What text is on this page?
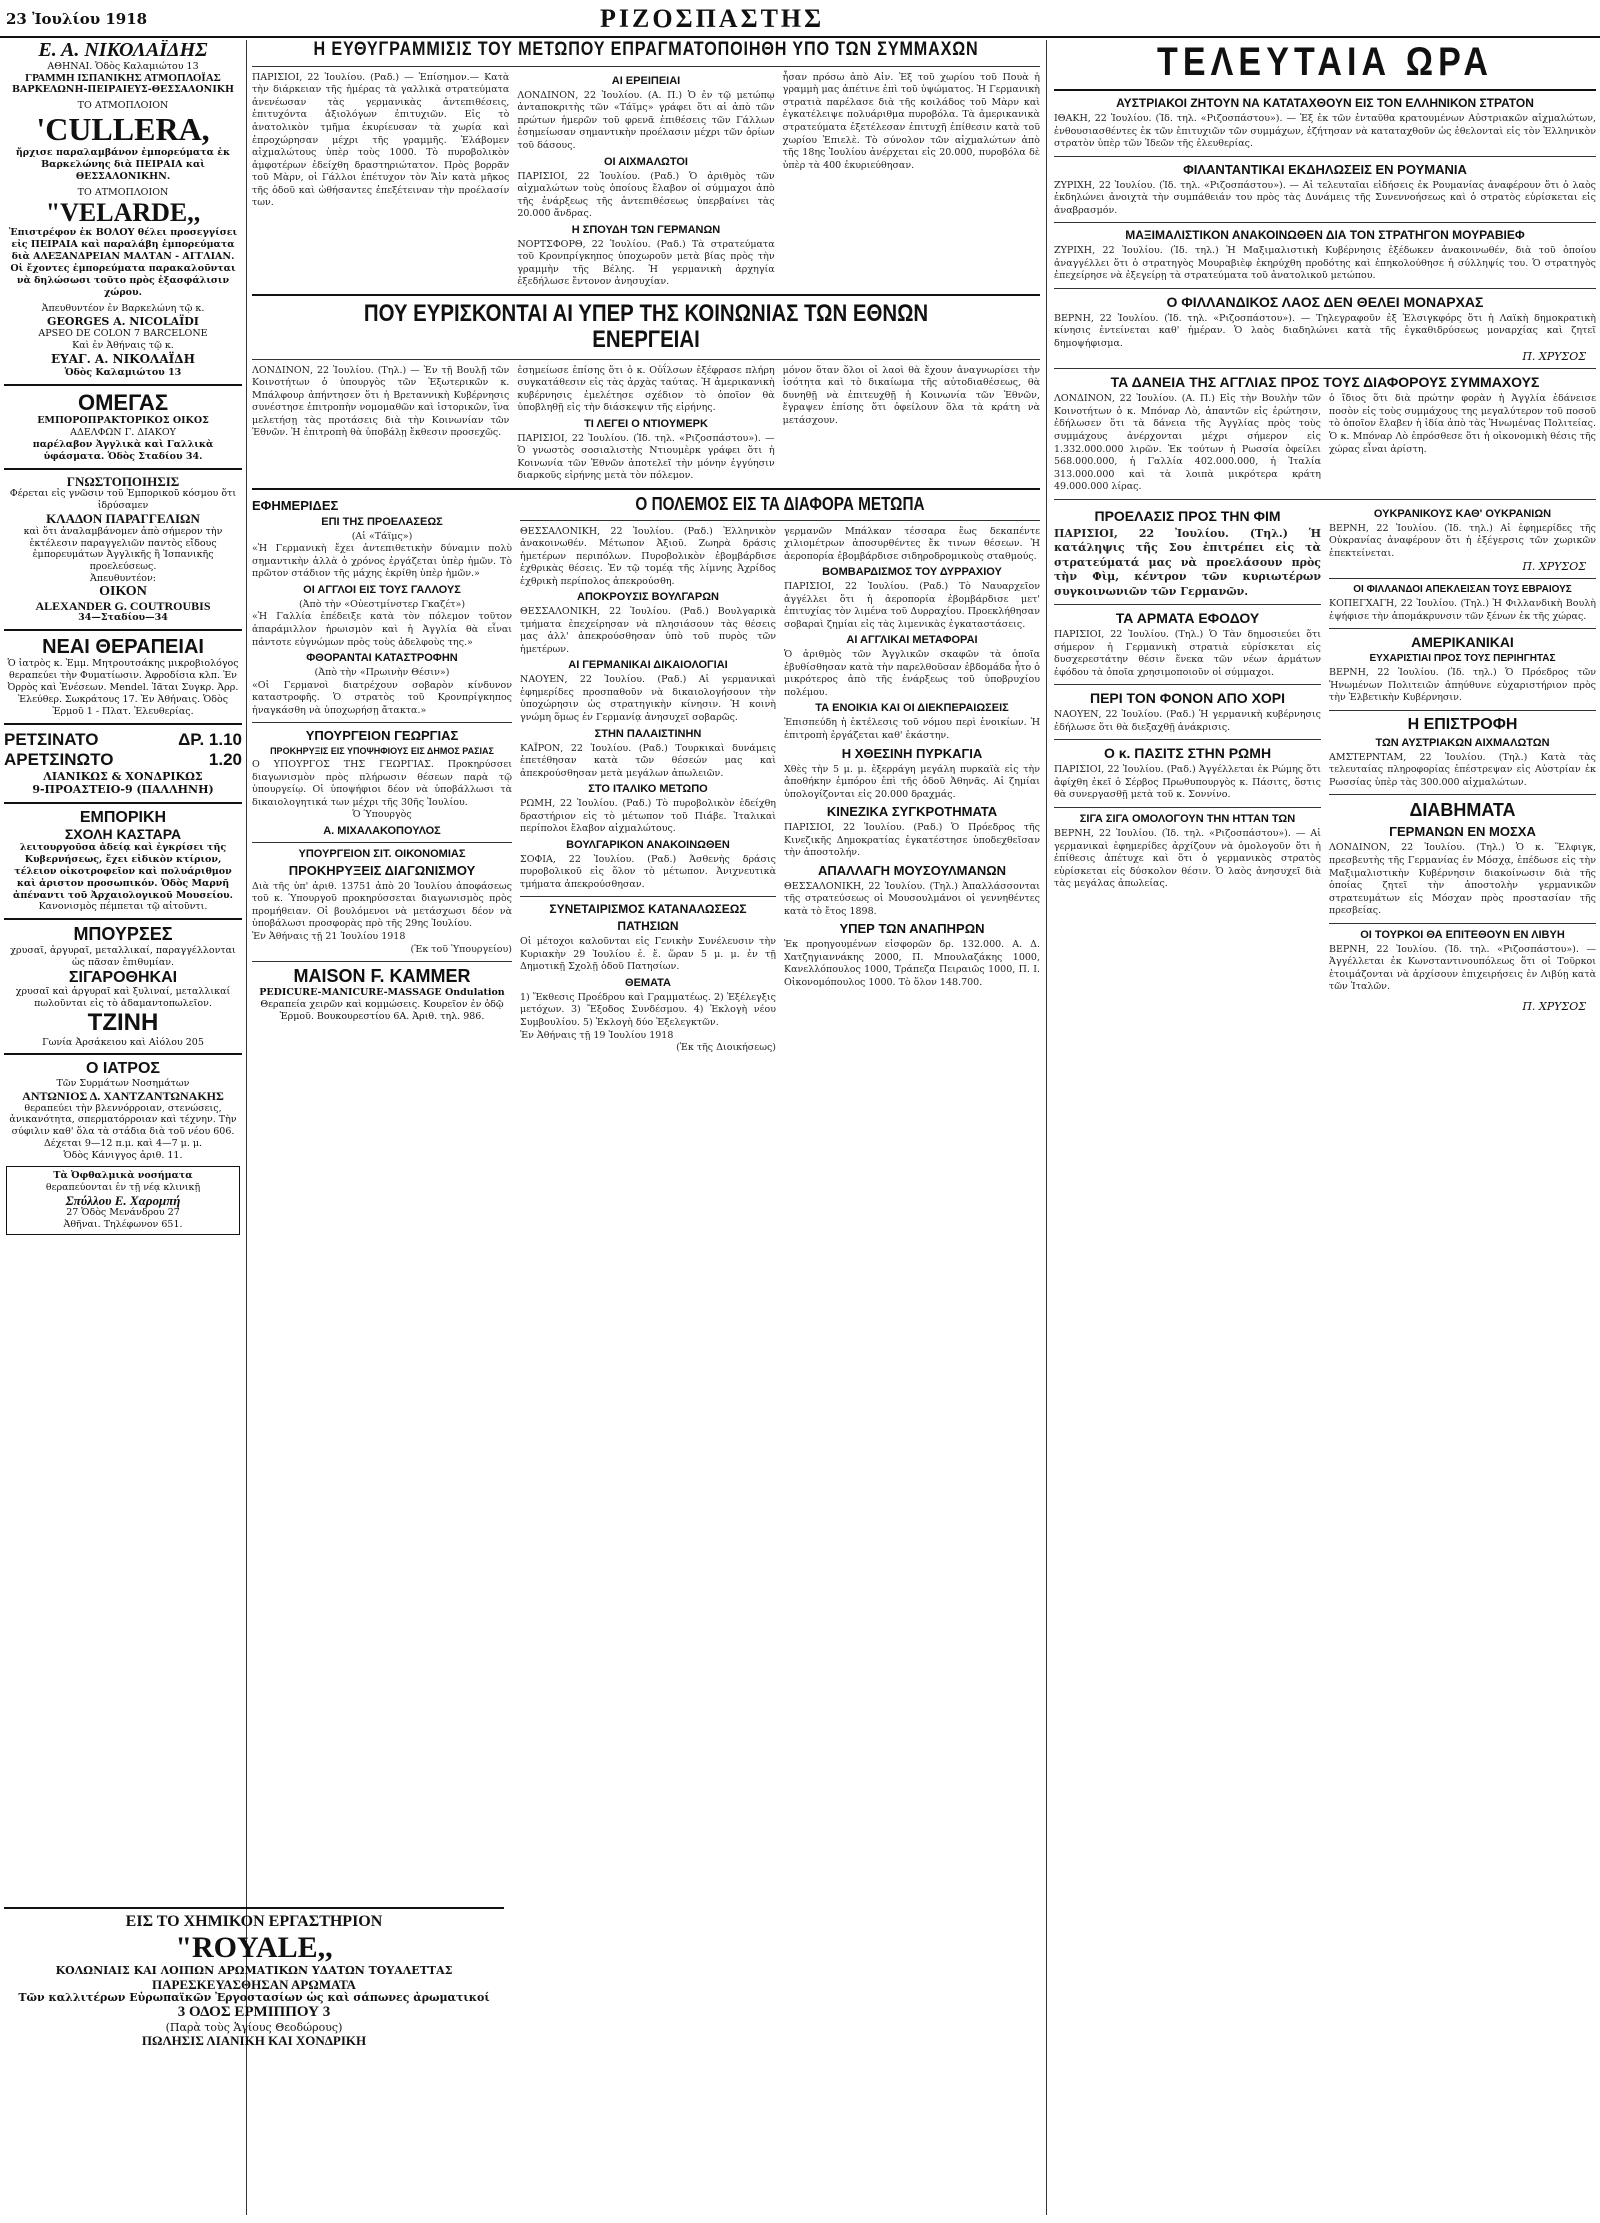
23 Ἰουλίου 1918	ΡΙΖΟΣΠΑΣΤΗΣ
Ε. Α. ΝΙΚΟΛΑΪΔΗΣ
ΑΘΗΝΑΙ. Ὁδὸς Καλαμιώτου 13
ΓΡΑΜΜΗ ΙΣΠΑΝΙΚΗΣ ΑΤΜΟΠΛΟΪΑΣ
ΒΑΡΚΕΛΩΝΗ-ΠΕΙΡΑΙΕΥΣ-ΘΕΣΣΑΛΟΝΙΚΗ
ΤΟ ΑΤΜΟΠΛΟΙΟΝ
'CULLERA,
ἤρχισε παραλαμβάνον ἐμπορεύματα ἐκ Βαρκελώνης διὰ ΠΕΙΡΑΙΑ καὶ ΘΕΣΣΑΛΟΝΙΚΗΝ.
ΤΟ ΑΤΜΟΠΛΟΙΟΝ
"VELARDE,,
Ἐπιστρέφον ἐκ ΒΟΛΟΥ θέλει προσεγγίσει εἰς ΠΕΙΡΑΙΑ καὶ παραλάβη ἐμπορεύματα διὰ ΑΛΕΞΑΝΔΡΕΙΑΝ ΜΑΛΤΑΝ - ΑΓΓΛΙΑΝ. Οἱ ἔχοντες ἐμπορεύματα παρακαλοῦνται νὰ δηλώσωσι τοῦτο πρὸς ἐξασφάλισιν χώρου.
Ἀπευθυντέον ἐν Βαρκελώνη τῷ κ.
GEORGES A. NICOLAÏDI
APSEO DE COLON 7 BARCELONE
Καὶ ἐν Ἀθήναις τῷ κ.
ΕΥΑΓ. Α. ΝΙΚΟΛΑΪΔΗ
Ὁδὸς Καλαμιώτου 13
ΟΜΕΓΑΣ
ΕΜΠΟΡΟΠΡΑΚΤΟΡΙΚΟΣ ΟΙΚΟΣ
ΑΔΕΛΦΩΝ Γ. ΔΙΑΚΟΥ
παρέλαβον Ἀγγλικὰ καὶ Γαλλικὰ ὑφάσματα. Ὁδὸς Σταδίου 34.
ΓΝΩΣΤΟΠΟΙΗΣΙΣ
Φέρεται εἰς γνῶσιν τοῦ Ἐμπορικοῦ κόσμου ὅτι ἱδρύσαμεν
ΚΛΑΔΟΝ ΠΑΡΑΓΓΕΛΙΩΝ
καὶ ὅτι ἀναλαμβάνομεν ἀπὸ σήμερον τὴν ἐκτέλεσιν παραγγελιῶν παντὸς εἴδους ἐμπορευμάτων Ἀγγλικῆς ἢ Ἰσπανικῆς προελεύσεως.
Ἀπευθυντέον:
ΟΙΚΟΝ
ALEXANDER G. COUTROUBIS
34—Σταδίου—34
ΝΕΑΙ ΘΕΡΑΠΕΙΑΙ
Ὁ ἰατρὸς κ. Ἐμμ. Μητρουτσάκης μικροβιολόγος θεραπεύει τὴν Φυματίωσιν. Ἀφροδίσια κλπ. Ἐν Ὀρρὸς καὶ Ἐνέσεων. Mendel. Ἰᾶται Συγκρ. Ἀρρ. Ἐλεύθερ. Σωκράτους 17. Ἐν Ἀθήναις. Ὁδὸς Ἐρμοῦ 1 - Πλατ. Ἐλευθερίας.
ΡΕΤΣΙΝΑΤΟ	ΔΡ. 1.10
ΑΡΕΤΣΙΝΩΤΟ	1.20
ΛΙΑΝΙΚΩΣ & ΧΟΝΔΡΙΚΩΣ
9-ΠΡΟΑΣΤΕΙΟ-9 (ΠΑΛΛΗΝΗ)
ΕΜΠΟΡΙΚΗ
ΣΧΟΛΗ ΚΑΣΤΑΡΑ
λειτουργοῦσα ἀδείᾳ καὶ ἐγκρίσει τῆς Κυβερνήσεως, ἔχει εἰδικὸν κτίριον, τέλειον οἰκοτροφεῖον καὶ πολυάριθμον καὶ ἀριστον προσωπικόν. Ὁδὸς Μαρνῆ ἀπέναντι τοῦ Ἀρχαιολογικοῦ Μουσείου.
Κανονισμὸς πέμπεται τῷ αἰτοῦντι.
ΜΠΟΥΡΣΕΣ
χρυσαῖ, ἀργυραῖ, μεταλλικαί, παραγγέλλονται ὡς πᾶσαν ἐπιθυμίαν.
ΣΙΓΑΡΟΘΗΚΑΙ
χρυσαῖ καὶ ἀργυραῖ καὶ ξυλιναί, μεταλλικαί πωλοῦνται εἰς τὸ ἀδαμαντοπωλεῖον.
ΤΖΙΝΗ
Γωνία Ἀρσάκειου καὶ Αἰόλου 205
Ο ΙΑΤΡΟΣ
Τῶν Συρμάτων Νοσημάτων
ΑΝΤΩΝΙΟΣ Δ. ΧΑΝΤΖΑΝΤΩΝΑΚΗΣ
θεραπεύει τὴν βλεννόρροιαν, στενώσεις, ἀνικανότητα, σπερματόρροιαν καὶ τέχνην. Τὴν σύφιλιν καθ' ὅλα τὰ στάδια διὰ τοῦ νέου 606.
Δέχεται 9—12 π.μ. καὶ 4—7 μ. μ.
Ὁδὸς Κάνιγγος ἀριθ. 11.
Τὰ Ὀφθαλμικὰ νοσήματα
θεραπεύονται ἐν τῇ νέᾳ κλινικῇ
Σπύλλου Ε. Χαρομπή
27 Ὁδὸς Μενάνδρου 27
Ἀθῆναι. Τηλέφωνον 651.
Η ΕΥΘΥΓΡΑΜΜΙΣΙΣ ΤΟΥ ΜΕΤΩΠΟΥ ΕΠΡΑΓΜΑΤΟΠΟΙΗΘΗ ΥΠΟ ΤΩΝ ΣΥΜΜΑΧΩΝ
ΠΑΡΙΣΙΟΙ, 22 Ἰουλίου. (Ραδ.) — Ἐπίσημον.— Κατὰ τὴν διάρκειαν τῆς ἡμέρας τὰ γαλλικὰ στρατεύματα ἀνενέωσαν τὰς γερμανικὰς ἀντεπιθέσεις, ἐπιτυχόντα ἀξιολόγων ἐπιτυχιῶν. Εἰς τὸ ἀνατολικὸν τμῆμα ἐκυρίευσαν τὰ χωρία καὶ ἐπροχώρησαν μέχρι τῆς γραμμῆς. Ἐλάβομεν αἰχμαλώτους ὑπὲρ τοὺς 1000. Τὸ πυροβολικὸν ἀμφοτέρων ἐδείχθη δραστηριώτατον. Πρὸς βορρᾶν τοῦ Μὰρν, οἱ Γάλλοι ἐπέτυχον τὸν Ἄἰν κατὰ μῆκος τῆς ὁδοῦ καὶ ὠθήσαντες ἐπεξέτειναν τὴν προέλασίν των.
ΑΙ ΕΡΕΙΠΕΙΑΙ
ΛΟΝΔΙΝΟΝ, 22 Ἰουλίου. (Α. Π.) Ὁ ἐν τῷ μετώπῳ ἀνταποκριτὴς τῶν «Τάϊμς» γράφει ὅτι αἱ ἀπὸ τῶν πρώτων ἡμερῶν τοῦ φρενᾶ ἐπιθέσεις τῶν Γάλλων ἐσημείωσαν σημαντικὴν προέλασιν μέχρι τῶν ὁρίων τοῦ δάσους.
ΟΙ ΑΙΧΜΑΛΩΤΟΙ
ΠΑΡΙΣΙΟΙ, 22 Ἰουλίου. (Ραδ.) Ὁ ἀριθμὸς τῶν αἰχμαλώτων τοὺς ὁποίους ἔλαβον οἱ σύμμαχοι ἀπὸ τῆς ἐνάρξεως τῆς ἀντεπιθέσεως ὑπερβαίνει τὰς 20.000 ἄνδρας.
Η ΣΠΟΥΔΗ ΤΩΝ ΓΕΡΜΑΝΩΝ
ΝΟΡΤΣΦΟΡΘ, 22 Ἰουλίου. (Ραδ.) Τὰ στρατεύματα τοῦ Κρονπρίγκηπος ὑποχωροῦν μετὰ βίας πρὸς τὴν γραμμὴν τῆς Βέλης. Ἡ γερμανικὴ ἀρχηγία ἐξεδήλωσε ἔντονον ἀνησυχίαν.
ἦσαν πρόσω ἀπὸ Αἰν. Ἐξ τοῦ χωρίου τοῦ Πουὰ ἡ γραμμὴ μας ἀπέτινε ἐπὶ τοῦ ὑψώματος. Ἡ Γερμανικὴ στρατιὰ παρέλασε διὰ τῆς κοιλάδος τοῦ Μὰρν καὶ ἐγκατέλειψε πολυάριθμα πυροβόλα. Τὰ ἀμερικανικὰ στρατεύματα ἐξετέλεσαν ἐπιτυχῆ ἐπίθεσιν κατὰ τοῦ χωρίου Ἐπιελὲ. Τὸ σύνολον τῶν αἰχμαλώτων ἀπὸ τῆς 18ης Ἰουλίου ἀνέρχεται εἰς 20.000, πυροβόλα δὲ ὑπὲρ τὰ 400 ἐκυριεύθησαν.
ΠΟΥ ΕΥΡΙΣΚΟΝΤΑΙ ΑΙ ΥΠΕΡ ΤΗΣ ΚΟΙΝΩΝΙΑΣ ΤΩΝ ΕΘΝΩΝ ΕΝΕΡΓΕΙΑΙ
ΛΟΝΔΙΝΟΝ, 22 Ἰουλίου. (Τηλ.) — Ἐν τῇ Βουλῇ τῶν Κοινοτήτων ὁ ὑπουργὸς τῶν Ἐξωτερικῶν κ. Μπάλφουρ ἀπήντησεν ὅτι ἡ Βρεταννικὴ Κυβέρνησις συνέστησε ἐπιτροπὴν νομομαθῶν καὶ ἱστορικῶν, ἵνα μελετήσῃ τὰς προτάσεις διὰ τὴν Κοινωνίαν τῶν Ἐθνῶν. Ἡ ἐπιτροπὴ θὰ ὑποβάλῃ ἔκθεσιν προσεχῶς.
ἐσημείωσε ἐπίσης ὅτι ὁ κ. Οὐΐλσων ἐξέφρασε πλήρη συγκατάθεσιν εἰς τὰς ἀρχὰς ταύτας. Ἡ ἀμερικανικὴ κυβέρνησις ἐμελέτησε σχέδιον τὸ ὁποῖον θὰ ὑποβληθῇ εἰς τὴν διάσκεψιν τῆς εἰρήνης.
ΤΙ ΛΕΓΕΙ Ο ΝΤΙΟΥΜΕΡΚ
ΠΑΡΙΣΙΟΙ, 22 Ἰουλίου. (Ἰδ. τηλ. «Ριζοσπάστου»). — Ὁ γνωστὸς σοσιαλιστὴς Ντιουμὲρκ γράφει ὅτι ἡ Κοινωνία τῶν Ἐθνῶν ἀποτελεῖ τὴν μόνην ἐγγύησιν διαρκοῦς εἰρήνης μετὰ τὸν πόλεμον.
μόνον ὅταν ὅλοι οἱ λαοὶ θὰ ἔχουν ἀναγνωρίσει τὴν ἰσότητα καὶ τὸ δικαίωμα τῆς αὐτοδιαθέσεως, θὰ δυνηθῇ νὰ ἐπιτευχθῇ ἡ Κοινωνία τῶν Ἐθνῶν, ἔγραψεν ἐπίσης ὅτι ὀφείλουν ὅλα τὰ κράτη νὰ μετάσχουν.
ΕΦΗΜΕΡΙΔΕΣ
ΕΠΙ ΤΗΣ ΠΡΟΕΛΑΣΕΩΣ
(Αἱ «Τάϊμς»)
«Ἡ Γερμανικὴ ἔχει ἀντεπιθετικὴν δύναμιν πολὺ σημαντικὴν ἀλλὰ ὁ χρόνος ἐργάζεται ὑπὲρ ἡμῶν. Τὸ πρῶτον στάδιον τῆς μάχης ἐκρίθη ὑπὲρ ἡμῶν.»
ΟΙ ΑΓΓΛΟΙ ΕΙΣ ΤΟΥΣ ΓΑΛΛΟΥΣ
(Ἀπὸ τὴν «Οὐεστμίνστερ Γκαζέτ»)
«Ἡ Γαλλία ἐπέδειξε κατὰ τὸν πόλεμον τοῦτον ἀπαράμιλλον ἡρωισμὸν καὶ ἡ Ἀγγλία θὰ εἶναι πάντοτε εὐγνώμων πρὸς τοὺς ἀδελφοὺς της.»
ΦΘΟΡΑΝΤΑΙ ΚΑΤΑΣΤΡΟΦΗΝ
(Ἀπὸ τὴν «Πρωινὴν Θέσιν»)
«Οἱ Γερμανοὶ διατρέχουν σοβαρὸν κίνδυνον καταστροφῆς. Ὁ στρατὸς τοῦ Κρονπρίγκηπος ἠναγκάσθη νὰ ὑποχωρήσῃ ἄτακτα.»
ΥΠΟΥΡΓΕΙΟΝ ΓΕΩΡΓΙΑΣ
ΠΡΟΚΗΡΥΞΙΣ ΕΙΣ ΥΠΟΨΗΦΙΟΥΣ ΕΙΣ ΔΗΜΟΣ ΡΑΣΙΑΣ
Ο ΥΠΟΥΡΓΟΣ ΤΗΣ ΓΕΩΡΓΙΑΣ. Προκηρύσσει διαγωνισμὸν πρὸς πλήρωσιν θέσεων παρὰ τῷ ὑπουργείῳ. Οἱ ὑποψήφιοι δέον νὰ ὑποβάλλωσι τὰ δικαιολογητικά των μέχρι τῆς 30ῆς Ἰουλίου.
Ὁ Ὑπουργὸς
Α. ΜΙΧΑΛΑΚΟΠΟΥΛΟΣ
ΥΠΟΥΡΓΕΙΟΝ ΣΙΤ. ΟΙΚΟΝΟΜΙΑΣ
ΠΡΟΚΗΡΥΞΕΙΣ ΔΙΑΓΩΝΙΣΜΟΥ
Διὰ τῆς ὑπ' ἀριθ. 13751 ἀπὸ 20 Ἰουλίου ἀποφάσεως τοῦ κ. Ὑπουργοῦ προκηρύσσεται διαγωνισμὸς πρὸς προμήθειαν. Οἱ βουλόμενοι νὰ μετάσχωσι δέον νὰ ὑποβάλωσι προσφορὰς πρὸ τῆς 29ης Ἰουλίου.
Ἐν Ἀθήναις τῇ 21 Ἰουλίου 1918
(Ἐκ τοῦ Ὑπουργείου)
MAISON F. KAMMER
PEDICURE-MANICURE-MASSAGE Ondulation
Θεραπεία χειρῶν καὶ κομμώσεις. Κουρεῖον ἐν ὁδῷ Ἑρμοῦ. Βουκουρεστίου 6Α. Ἀριθ. τηλ. 986.
Ο ΠΟΛΕΜΟΣ ΕΙΣ ΤΑ ΔΙΑΦΟΡΑ ΜΕΤΩΠΑ
ΘΕΣΣΑΛΟΝΙΚΗ, 22 Ἰουλίου. (Ραδ.) Ἐλληνικὸν ἀνακοινωθέν. Μέτωπον Ἀξιοῦ. Ζωηρὰ δράσις ἡμετέρων περιπόλων. Πυροβολικὸν ἐβομβάρδισε ἐχθρικὰς θέσεις. Ἐν τῷ τομέᾳ τῆς λίμνης Ἀχρίδος ἐχθρικὴ περίπολος ἀπεκρούσθη.
ΑΠΟΚΡΟΥΣΙΣ ΒΟΥΛΓΑΡΩΝ
ΘΕΣΣΑΛΟΝΙΚΗ, 22 Ἰουλίου. (Ραδ.) Βουλγαρικὰ τμήματα ἐπεχείρησαν νὰ πλησιάσουν τὰς θέσεις μας ἀλλ' ἀπεκρούσθησαν ὑπὸ τοῦ πυρὸς τῶν ἡμετέρων.
ΑΙ ΓΕΡΜΑΝΙΚΑΙ ΔΙΚΑΙΟΛΟΓΙΑΙ
ΝΑΟΥΕΝ, 22 Ἰουλίου. (Ραδ.) Αἱ γερμανικαὶ ἐφημερίδες προσπαθοῦν νὰ δικαιολογήσουν τὴν ὑποχώρησιν ὡς στρατηγικὴν κίνησιν. Ἡ κοινὴ γνώμη ὅμως ἐν Γερμανίᾳ ἀνησυχεῖ σοβαρῶς.
ΣΤΗΝ ΠΑΛΑΙΣΤΙΝΗΝ
ΚΑΪΡΟΝ, 22 Ἰουλίου. (Ραδ.) Τουρκικαὶ δυνάμεις ἐπετέθησαν κατὰ τῶν θέσεών μας καὶ ἀπεκρούσθησαν μετὰ μεγάλων ἀπωλειῶν.
ΣΤΟ ΙΤΑΛΙΚΟ ΜΕΤΩΠΟ
ΡΩΜΗ, 22 Ἰουλίου. (Ραδ.) Τὸ πυροβολικὸν ἐδείχθη δραστήριον εἰς τὸ μέτωπον τοῦ Πιάβε. Ἰταλικαὶ περίπολοι ἔλαβον αἰχμαλώτους.
ΒΟΥΛΓΑΡΙΚΟΝ ΑΝΑΚΟΙΝΩΘΕΝ
ΣΟΦΙΑ, 22 Ἰουλίου. (Ραδ.) Ἀσθενὴς δράσις πυροβολικοῦ εἰς ὅλον τὸ μέτωπον. Ἀνιχνευτικὰ τμήματα ἀπεκρούσθησαν.
ΣΥΝΕΤΑΙΡΙΣΜΟΣ ΚΑΤΑΝΑΛΩΣΕΩΣ
ΠΑΤΗΣΙΩΝ
Οἱ μέτοχοι καλοῦνται εἰς Γενικὴν Συνέλευσιν τὴν Κυριακὴν 29 Ἰουλίου ἐ. ἔ. ὥραν 5 μ. μ. ἐν τῇ Δημοτικῇ Σχολῇ ὁδοῦ Πατησίων.
ΘΕΜΑΤΑ
1) Ἔκθεσις Προέδρου καὶ Γραμματέως. 2) Ἐξέλεγξις μετόχων. 3) Ἔξοδος Συνδέσμου. 4) Ἐκλογὴ νέου Συμβουλίου. 5) Ἐκλογὴ δύο Ἐξελεγκτῶν.
Ἐν Ἀθήναις τῇ 19 Ἰουλίου 1918
(Ἐκ τῆς Διοικήσεως)
γερμανῶν Μπάλκαν τέσσαρα ἕως δεκαπέντε χιλιομέτρων ἀποσυρθέντες ἔκ τινων θέσεων. Ἡ ἀεροπορία ἐβομβάρδισε σιδηροδρομικοὺς σταθμούς.
ΒΟΜΒΑΡΔΙΣΜΟΣ ΤΟΥ ΔΥΡΡΑΧΙΟΥ
ΠΑΡΙΣΙΟΙ, 22 Ἰουλίου. (Ραδ.) Τὸ Ναυαρχεῖον ἀγγέλλει ὅτι ἡ ἀεροπορία ἐβομβάρδισε μετ' ἐπιτυχίας τὸν λιμένα τοῦ Δυρραχίου. Προεκλήθησαν σοβαραὶ ζημίαι εἰς τὰς λιμενικὰς ἐγκαταστάσεις.
ΑΙ ΑΓΓΛΙΚΑΙ ΜΕΤΑΦΟΡΑΙ
Ὁ ἀριθμὸς τῶν Ἀγγλικῶν σκαφῶν τὰ ὁποῖα ἐβυθίσθησαν κατὰ τὴν παρελθοῦσαν ἑβδομάδα ἦτο ὁ μικρότερος ἀπὸ τῆς ἐνάρξεως τοῦ ὑποβρυχίου πολέμου.
ΤΑ ΕΝΟΙΚΙΑ ΚΑΙ ΟΙ ΔΙΕΚΠΕΡΑΙΩΣΕΙΣ
Ἐπισπεύδη ἡ ἐκτέλεσις τοῦ νόμου περὶ ἐνοικίων. Ἡ ἐπιτροπὴ ἐργάζεται καθ' ἑκάστην.
Η ΧΘΕΣΙΝΗ ΠΥΡΚΑΓΙΑ
Χθὲς τὴν 5 μ. μ. ἐξερράγη μεγάλη πυρκαϊὰ εἰς τὴν ἀποθήκην ἐμπόρου ἐπὶ τῆς ὁδοῦ Ἀθηνᾶς. Αἱ ζημίαι ὑπολογίζονται εἰς 20.000 δραχμάς.
ΚΙΝΕΖΙΚΑ ΣΥΓΚΡΟΤΗΜΑΤΑ
ΠΑΡΙΣΙΟΙ, 22 Ἰουλίου. (Ραδ.) Ὁ Πρόεδρος τῆς Κινεζικῆς Δημοκρατίας ἐγκατέστησε ὑποδεχθεῖσαν τὴν ἀποστολήν.
ΑΠΑΛΛΑΓΗ ΜΟΥΣΟΥΛΜΑΝΩΝ
ΘΕΣΣΑΛΟΝΙΚΗ, 22 Ἰουλίου. (Τηλ.) Ἀπαλλάσσονται τῆς στρατεύσεως οἱ Μουσουλμάνοι οἱ γεννηθέντες κατὰ τὸ ἔτος 1898.
ΥΠΕΡ ΤΩΝ ΑΝΑΠΗΡΩΝ
Ἐκ προηγουμένων εἰσφορῶν δρ. 132.000. Α. Δ. Χατζηγιαννάκης 2000, Π. Μπουλαζάκης 1000, Κανελλόπουλος 1000, Τράπεζα Πειραιῶς 1000, Π. Ι. Οἰκονομόπουλος 1000. Τὸ ὅλον 148.700.
ΤΕΛΕΥΤΑΙΑ ΩΡΑ
ΑΥΣΤΡΙΑΚΟΙ ΖΗΤΟΥΝ ΝΑ ΚΑΤΑΤΑΧΘΟΥΝ ΕΙΣ ΤΟΝ ΕΛΛΗΝΙΚΟΝ ΣΤΡΑΤΟΝ
ΙΘΑΚΗ, 22 Ἰουλίου. (Ἰδ. τηλ. «Ριζοσπάστου»). — Ἐξ ἐκ τῶν ἐνταῦθα κρατουμένων Αὐστριακῶν αἰχμαλώτων, ἐνθουσιασθέντες ἐκ τῶν ἐπιτυχιῶν τῶν συμμάχων, ἐζήτησαν νὰ καταταχθοῦν ὡς ἐθελονταὶ εἰς τὸν Ἑλληνικὸν στρατὸν ὑπὲρ τῶν Ἰδεῶν τῆς ἐλευθερίας.
ΦΙΛΑΝΤΑΝΤΙΚΑΙ ΕΚΔΗΛΩΣΕΙΣ ΕΝ ΡΟΥΜΑΝΙΑ
ΖΥΡΙΧΗ, 22 Ἰουλίου. (Ἰδ. τηλ. «Ριζοσπάστου»). — Αἱ τελευταῖαι εἰδήσεις ἐκ Ρουμανίας ἀναφέρουν ὅτι ὁ λαὸς ἐκδηλώνει ἀνοιχτὰ τὴν συμπάθειάν του πρὸς τὰς Δυνάμεις τῆς Συνεννοήσεως καὶ ὁ στρατὸς εὑρίσκεται εἰς ἀναβρασμόν.
ΜΑΞΙΜΑΛΙΣΤΙΚΟΝ ΑΝΑΚΟΙΝΩΘΕΝ ΔΙΑ ΤΟΝ ΣΤΡΑΤΗΓΟΝ ΜΟΥΡΑΒΙΕΦ
ΖΥΡΙΧΗ, 22 Ἰουλίου. (Ἰδ. τηλ.) Ἡ Μαξιμαλιστικὴ Κυβέρνησις ἐξέδωκεν ἀνακοινωθέν, διὰ τοῦ ὁποίου ἀναγγέλλει ὅτι ὁ στρατηγὸς Μουραβιὲφ ἐκηρύχθη προδότης καὶ ἐπηκολούθησε ἡ σύλληψίς του. Ὁ στρατηγὸς ἐπεχείρησε νὰ ἐξεγείρῃ τὰ στρατεύματα τοῦ ἀνατολικοῦ μετώπου.
Ο ΦΙΛΛΑΝΔΙΚΟΣ ΛΑΟΣ ΔΕΝ ΘΕΛΕΙ ΜΟΝΑΡΧΑΣ
ΒΕΡΝΗ, 22 Ἰουλίου. (Ἰδ. τηλ. «Ριζοσπάστου»). — Τηλεγραφοῦν ἐξ Ἑλσιγκφόρς ὅτι ἡ Λαϊκὴ δημοκρατικὴ κίνησις ἐντείνεται καθ' ἡμέραν. Ὁ λαὸς διαδηλώνει κατὰ τῆς ἐγκαθιδρύσεως μοναρχίας καὶ ζητεῖ δημοψήφισμα.
Π. ΧΡΥΣΟΣ
ΤΑ ΔΑΝΕΙΑ ΤΗΣ ΑΓΓΛΙΑΣ ΠΡΟΣ ΤΟΥΣ ΔΙΑΦΟΡΟΥΣ ΣΥΜΜΑΧΟΥΣ
ΛΟΝΔΙΝΟΝ, 22 Ἰουλίου. (Α. Π.) Εἰς τὴν Βουλὴν τῶν Κοινοτήτων ὁ κ. Μπόναρ Λὸ, ἀπαντῶν εἰς ἐρώτησιν, ἐδήλωσεν ὅτι τὰ δάνεια τῆς Ἀγγλίας πρὸς τοὺς συμμάχους ἀνέρχονται μέχρι σήμερον εἰς 1.332.000.000 λιρῶν. Ἐκ τούτων ἡ Ρωσσία ὀφείλει 568.000.000, ἡ Γαλλία 402.000.000, ἡ Ἰταλία 313.000.000 καὶ τὰ λοιπὰ μικρότερα κράτη 49.000.000 λίρας.
ὁ ἴδιος ὅτι διὰ πρώτην φορὰν ἡ Ἀγγλία ἐδάνεισε ποσὸν εἰς τοὺς συμμάχους της μεγαλύτερον τοῦ ποσοῦ τὸ ὁποῖον ἔλαβεν ἡ ἰδία ἀπὸ τὰς Ἡνωμένας Πολιτείας. Ὁ κ. Μπόναρ Λὸ ἐπρόσθεσε ὅτι ἡ οἰκονομικὴ θέσις τῆς χώρας εἶναι ἀρίστη.
ΠΡΟΕΛΑΣΙΣ ΠΡΟΣ ΤΗΝ ΦΙΜ
ΠΑΡΙΣΙΟΙ, 22 Ἰουλίου. (Τηλ.) Ἡ κατάληψις τῆς Σου ἐπιτρέπει εἰς τὰ στρατεύματά μας νὰ προελάσουν πρὸς τὴν Φὶμ, κέντρον τῶν κυριωτέρων συγκοινωνιῶν τῶν Γερμανῶν.
ΤΑ ΑΡΜΑΤΑ ΕΦΟΔΟΥ
ΠΑΡΙΣΙΟΙ, 22 Ἰουλίου. (Τηλ.) Ὁ Τὰν δημοσιεύει ὅτι σήμερον ἡ Γερμανικὴ στρατιὰ εὑρίσκεται εἰς δυσχερεστάτην θέσιν ἕνεκα τῶν νέων ἁρμάτων ἐφόδου τὰ ὁποῖα χρησιμοποιοῦν οἱ σύμμαχοι.
ΠΕΡΙ ΤΟΝ ΦΟΝΟΝ ΑΠΟ ΧΟΡΙ
ΝΑΟΥΕΝ, 22 Ἰουλίου. (Ραδ.) Ἡ γερμανικὴ κυβέρνησις ἐδήλωσε ὅτι θὰ διεξαχθῇ ἀνάκρισις.
Ο κ. ΠΑΣΙΤΣ ΣΤΗΝ ΡΩΜΗ
ΠΑΡΙΣΙΟΙ, 22 Ἰουλίου. (Ραδ.) Ἀγγέλλεται ἐκ Ρώμης ὅτι ἀφίχθη ἐκεῖ ὁ Σέρβος Πρωθυπουργὸς κ. Πάσιτς, ὅστις θὰ συνεργασθῇ μετὰ τοῦ κ. Σοννίνο.
ΣΙΓΑ ΣΙΓΑ ΟΜΟΛΟΓΟΥΝ ΤΗΝ ΗΤΤΑΝ ΤΩΝ
ΒΕΡΝΗ, 22 Ἰουλίου. (Ἰδ. τηλ. «Ριζοσπάστου»). — Αἱ γερμανικαὶ ἐφημερίδες ἀρχίζουν νὰ ὁμολογοῦν ὅτι ἡ ἐπίθεσις ἀπέτυχε καὶ ὅτι ὁ γερμανικὸς στρατὸς εὑρίσκεται εἰς δύσκολον θέσιν. Ὁ λαὸς ἀνησυχεῖ διὰ τὰς μεγάλας ἀπωλείας.
ΟΥΚΡΑΝΙΚΟΥΣ ΚΑΘ' ΟΥΚΡΑΝΙΩΝ
ΒΕΡΝΗ, 22 Ἰουλίου. (Ἰδ. τηλ.) Αἱ ἐφημερίδες τῆς Οὐκρανίας ἀναφέρουν ὅτι ἡ ἐξέγερσις τῶν χωρικῶν ἐπεκτείνεται.
Π. ΧΡΥΣΟΣ
ΟΙ ΦΙΛΛΑΝΔΟΙ ΑΠΕΚΛΕΙΣΑΝ ΤΟΥΣ ΕΒΡΑΙΟΥΣ
ΚΟΠΕΓΧΑΓΗ, 22 Ἰουλίου. (Τηλ.) Ἡ Φιλλανδικὴ Βουλὴ ἐψήφισε τὴν ἀπομάκρυνσιν τῶν ξένων ἐκ τῆς χώρας.
ΑΜΕΡΙΚΑΝΙΚΑΙ
ΕΥΧΑΡΙΣΤΙΑΙ ΠΡΟΣ ΤΟΥΣ ΠΕΡΙΗΓΗΤΑΣ
ΒΕΡΝΗ, 22 Ἰουλίου. (Ἰδ. τηλ.) Ὁ Πρόεδρος τῶν Ἡνωμένων Πολιτειῶν ἀπηύθυνε εὐχαριστήριον πρὸς τὴν Ἑλβετικὴν Κυβέρνησιν.
Η ΕΠΙΣΤΡΟΦΗ
ΤΩΝ ΑΥΣΤΡΙΑΚΩΝ ΑΙΧΜΑΛΩΤΩΝ
ΑΜΣΤΕΡΝΤΑΜ, 22 Ἰουλίου. (Τηλ.) Κατὰ τὰς τελευταίας πληροφορίας ἐπέστρεψαν εἰς Αὐστρίαν ἐκ Ρωσσίας ὑπὲρ τὰς 300.000 αἰχμαλώτων.
ΔΙΑΒΗΜΑΤΑ
ΓΕΡΜΑΝΩΝ ΕΝ ΜΟΣΧΑ
ΛΟΝΔΙΝΟΝ, 22 Ἰουλίου. (Τηλ.) Ὁ κ. Ἕλφιγκ, πρεσβευτὴς τῆς Γερμανίας ἐν Μόσχᾳ, ἐπέδωσε εἰς τὴν Μαξιμαλιστικὴν Κυβέρνησιν διακοίνωσιν διὰ τῆς ὁποίας ζητεῖ τὴν ἀποστολὴν γερμανικῶν στρατευμάτων εἰς Μόσχαν πρὸς προστασίαν τῆς πρεσβείας.
ΟΙ ΤΟΥΡΚΟΙ ΘΑ ΕΠΙΤΕΘΟΥΝ ΕΝ ΛΙΒΥΗ
ΒΕΡΝΗ, 22 Ἰουλίου. (Ἰδ. τηλ. «Ριζοσπάστου»). — Ἀγγέλλεται ἐκ Κωνσταντινουπόλεως ὅτι οἱ Τοῦρκοι ἑτοιμάζονται νὰ ἀρχίσουν ἐπιχειρήσεις ἐν Λιβύῃ κατὰ τῶν Ἰταλῶν.
Π. ΧΡΥΣΟΣ
ΕΙΣ ΤΟ ΧΗΜΙΚΟΝ ΕΡΓΑΣΤΗΡΙΟΝ
"ROYALE,,
ΚΟΛΩΝΙΑΙΣ ΚΑΙ ΛΟΙΠΩΝ ΑΡΩΜΑΤΙΚΩΝ ΥΔΑΤΩΝ ΤΟΥΑΛΕΤΤΑΣ
ΠΑΡΕΣΚΕΥΑΣΘΗΣΑΝ ΑΡΩΜΑΤΑ
Τῶν καλλιτέρων Εὐρωπαϊκῶν Ἐργοστασίων ὡς καὶ σάπωνες ἀρωματικοί
3 ΟΔΟΣ ΕΡΜΙΠΠΟΥ 3
(Παρὰ τοὺς Ἁγίους Θεοδώρους)
ΠΩΛΗΣΙΣ ΛΙΑΝΙΚΗ ΚΑΙ ΧΟΝΔΡΙΚΗ
